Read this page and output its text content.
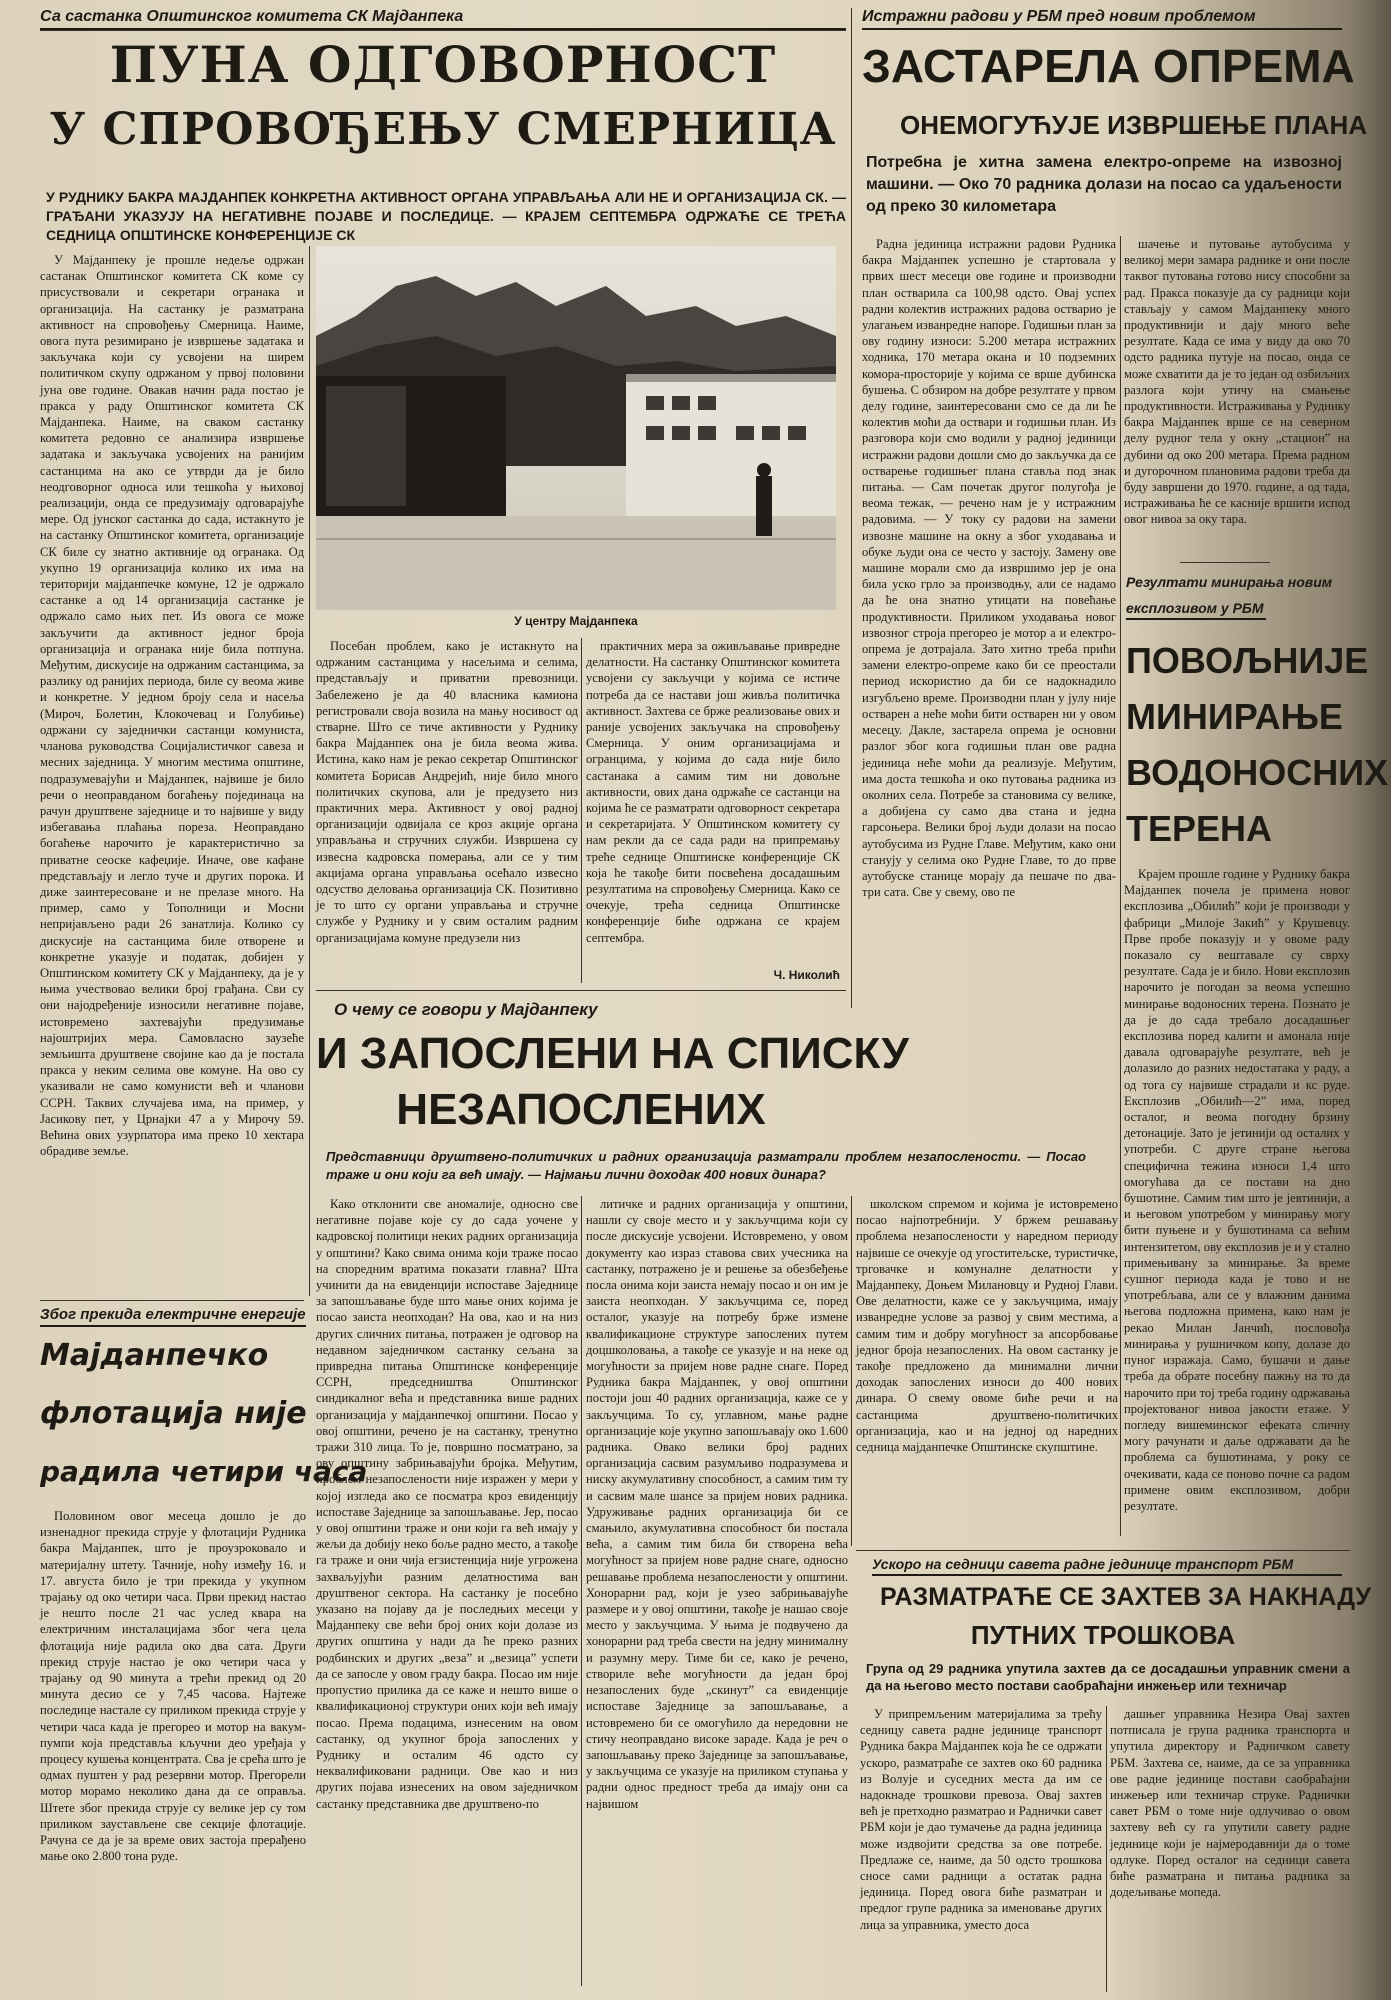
Са састанка Општинског комитета СК Мајданпека
ПУНА ОДГОВОРНОСТ
У СПРОВОЂЕЊУ СМЕРНИЦА
У РУДНИКУ БАКРА МАЈДАНПЕК КОНКРЕТНА АКТИВНОСТ ОРГАНА УПРАВЉАЊА АЛИ НЕ И ОРГАНИЗАЦИЈА СК. — ГРАЂАНИ УКАЗУЈУ НА НЕГАТИВНЕ ПОЈАВЕ И ПОСЛЕДИЦЕ. — КРАЈЕМ СЕПТЕМБРА ОДРЖАЋЕ СЕ ТРЕЋА СЕДНИЦА ОПШТИНСКЕ КОНФЕРЕНЦИЈЕ СК
У Мајданпеку је прошле недеље одржан састанак Општинског комитета СК коме су присуствовали и секретари огранака и организација. На састанку је разматрана активност на спровођењу Смерница. Наиме, овога пута резимирано је извршење задатака и закључака који су усвојени на ширем политичком скупу одржаном у првој половини јуна ове године. Овакав начин рада постао је пракса у раду Општинског комитета СК Мајданпека. Наиме, на сваком састанку комитета редовно се анализира извршење задатака и закључака усвојених на ранијим састанцима на ако се утврди да је било неодговорног односа или тешкоћа у њиховој реализацији, онда се предузимају одговарајуће мере. Од јунског састанка до сада, истакнуто је на састанку Општинског комитета, организације СК биле су знатно активније од огранака. Од укупно 19 организација колико их има на територији мајданпечке комуне, 12 је одржало састанке а од 14 организација састанке је одржало само њих пет. Из овога се може закључити да активност једног броја организација и огранака није била потпуна. Међутим, дискусије на одржаним састанцима, за разлику од ранијих периода, биле су веома живе и конкретне. У једном броју села и насеља (Мироч, Болетин, Клокочевац и Голубиње) одржани су заједнички састанци комуниста, чланова руководства Социјалистичког савеза и месних заједница. У многим местима општине, подразумевајући и Мајданпек, највише је било речи о неоправданом богаћењу појединаца на рачун друштвене заједнице и то највише у виду избегавања плаћања пореза. Неоправдано богаћење нарочито је карактеристично за приватне сеоске кафеџије. Иначе, ове кафане представљају и легло туче и других порока. И диже заинтересоване и не прелазе много. На пример, само у Тополници и Мосни непријављено ради 26 занатлија. Колико су дискусије на састанцима биле отворене и конкретне указује и податак, добијен у Општинском комитету СК у Мајданпеку, да је у њима учествовао велики број грађана. Сви су они најодређеније износили негативне појаве, истовремено захтевајући предузимање најоштријих мера. Самовласно заузеће земљишта друштвене својине као да је постала пракса у неким селима ове комуне. На ово су указивали не само комунисти већ и чланови ССРН. Таквих случајева има, на пример, у Јасикову пет, у Црнајки 47 а у Мирочу 59. Већина ових узурпатора има преко 10 хектара обрадиве земље.
У центру Мајданпека
Посебан проблем, како је истакнуто на одржаним састанцима у насељима и селима, представљају и приватни превозници. Забележено је да 40 власника камиона регистровали своја возила на мању носивост од стварне. Што се тиче активности у Руднику бакра Мајданпек она је била веома жива. Истина, како нам је рекао секретар Општинског комитета Борисав Андрејић, није било много политичких скупова, али је предузето низ практичних мера. Активност у овој радној организацији одвијала се кроз акције органа управљања и стручних служби. Извршена су извесна кадровска померања, али се у тим акцијама органа управљања осећало извесно одсуство деловања организација СК. Позитивно је то што су органи управљања и стручне службе у Руднику и у свим осталим радним организацијама комуне предузели низ
практичних мера за оживљавање привредне делатности. На састанку Општинског комитета усвојени су закључци у којима се истиче потреба да се настави још живља политичка активност. Захтева се брже реализовање ових и раније усвојених закључака на спровођењу Смерница. У оним организацијама и огранцима, у којима до сада није било састанака а самим тим ни довољне активности, ових дана одржаће се састанци на којима ће се разматрати одговорност секретара и секретаријата. У Општинском комитету су нам рекли да се сада ради на припремању треће седнице Општинске конференције СК која ће такође бити посвећена досадашњим резултатима на спровођењу Смерница. Како се очекује, трећа седница Општинске конференције биће одржана се крајем септембра.
Ч. Николић
Због прекида електричне енергије
Мајданпечко
флотација није
радила четири часа
Половином овог месеца дошло је до изненадног прекида струје у флотацији Рудника бакра Мајданпек, што је проузроковало и материјалну штету. Тачније, ноћу између 16. и 17. августа било је три прекида у укупном трајању од око четири часа. Први прекид настао је нешто после 21 час услед квара на електричним инсталацијама због чега цела флотација није радила око два сата. Други прекид струје настао је око четири часа у трајању од 90 минута а трећи прекид од 20 минута десио се у 7,45 часова. Најтеже последице настале су приликом прекида струје у четири часа када је прегорео и мотор на вакум-пумпи која представља кључни део уређаја у процесу кушења концентрата. Сва је срећа што је одмах пуштен у рад резервни мотор. Прегорели мотор морамо неколико дана да се оправља. Штете због прекида струје су велике јер су том приликом заустављене све секције флотације. Рачуна се да је за време ових застоја прерађено мање око 2.800 тона руде.
О чему се говори у Мајданпеку
И ЗАПОСЛЕНИ НА СПИСКУ
НЕЗАПОСЛЕНИХ
Представници друштвено-политичких и радних организација разматрали проблем незапослености. — Посао траже и они који га већ имају. — Најмањи лични доходак 400 нових динара?
Како отклонити све аномалије, односно све негативне појаве које су до сада уочене у кадровској политици неких радних организација у општини? Како свима онима који траже посао на споредним вратима показати главна? Шта учинити да на евиденцији испоставе Заједнице за запошљавање буде што мање оних којима је посао заиста неопходан? На ова, као и на низ других сличних питања, потражен је одговор на недавном заједничком састанку сељана за привредна питања Општинске конференције ССРН, председништва Општинског синдикалног већа и представника више радних организација у мајданпечкој општини. Посао у овој општини, речено је на састанку, тренутно тражи 310 лица. То је, површно посматрано, за ову општину забрињавајући бројка. Међутим, проблем незапослености није изражен у мери у којој изгледа ако се посматра кроз евиденцију испоставе Заједнице за запошљавање. Јер, посао у овој општини траже и они који га већ имају у жељи да добију неко боље радно место, а такође га траже и они чија егзистенција није угрожена захваљујући разним делатностима ван друштвеног сектора. На састанку је посебно указано на појаву да је последњих месеци у Мајданпеку све већи број оних који долазе из других општина у нади да ће преко разних родбинских и других „веза” и „везица” успети да се запосле у овом граду бакра. Посао им није пропустио прилика да се каже и нешто више о квалификационој структури оних који већ имају посао. Према подацима, изнесеним на овом састанку, од укупног броја запослених у Руднику и осталим 46 одсто су неквалификовани радници. Ове као и низ других појава изнесених на овом заједничком састанку представника две друштвено-по
литичке и радних организација у општини, нашли су своје место и у закључцима који су после дискусије усвојени. Истовремено, у овом документу као израз ставова свих учесника на састанку, потражено је и решење за обезбеђење посла онима који заиста немају посао и он им је заиста неопходан. У закључцима се, поред осталог, указује на потребу брже измене квалификационе структуре запослених путем доцшколовања, а такође се указује и на неке од могућности за пријем нове радне снаге. Поред Рудника бакра Мајданпек, у овој општини постоји још 40 радних организација, каже се у закључцима. То су, углавном, мање радне организације које укупно запошљавају око 1.600 радника. Овако велики број радних организација сасвим разумљиво подразумева и ниску акумулативну способност, а самим тим ту и сасвим мале шансе за пријем нових радника. Удруживање радних организација би се смањило, акумулативна способност би постала већа, а самим тим била би створена већа могућност за пријем нове радне снаге, односно решавање проблема незапослености у општини. Хонорарни рад, који је узео забрињавајуће размере и у овој општини, такође је нашао своје место у закључцима. У њима је подвучено да хонорарни рад треба свести на једну минималну и разумну меру. Тиме би се, како је речено, створиле веће могућности да један број незапослених буде „скинут” са евиденције испоставе Заједнице за запошљавање, а истовремено би се омогућило да нередовни не стичу неоправдано високе зараде. Када је реч о запошљавању преко Заједнице за запошљавање, у закључцима се указује на приликом ступања у радни однос предност треба да имају они са највишом
школском спремом и којима је истовремено посао најпотребнији. У бржем решавању проблема незапослености у наредном периоду највише се очекује од угоститељске, туристичке, трговачке и комуналне делатности у Мајданпеку, Доњем Милановцу и Рудној Глави. Ове делатности, каже се у закључцима, имају изванредне услове за развој у свим местима, а самим тим и добру могућност за апсорбовање једног броја незапослених. На овом састанку је такође предложено да минимални лични доходак запослених износи до 400 нових динара. О свему овоме биће речи и на састанцима друштвено-политичких организација, као и на једној од наредних седница мајданпечке Општинске скупштине.
Истражни радови у РБМ пред новим проблемом
ЗАСТАРЕЛА ОПРЕМА
ОНЕМОГУЋУЈЕ ИЗВРШЕЊЕ ПЛАНА
Потребна је хитна замена електро-опреме на извозној машини. — Око 70 радника долази на посао са удаљености од преко 30 километара
Радна јединица истражни радови Рудника бакра Мајданпек успешно је стартовала у првих шест месеци ове године и производни план остварила са 100,98 одсто. Овај успех радни колектив истражних радова остварио је улагањем изванредне напоре. Годишњи план за ову годину износи: 5.200 метара истражних ходника, 170 метара окана и 10 подземних комора-просторије у којима се врше дубинска бушења. С обзиром на добре резултате у првом делу године, заинтересовани смо се да ли ће колектив моћи да оствари и годишњи план. Из разговора који смо водили у радној јединици истражни радови дошли смо до закључка да се остварење годишњег плана ставља под знак питања. — Сам почетак другог полугођа је веома тежак, — речено нам је у истражним радовима. — У току су радови на замени извозне машине на окну а због уходавања и обуке људи она се често у застоју. Замену ове машине морали смо да извршимо јер је она била уско грло за производњу, али се надамо да ће она знатно утицати на повећање продуктивности. Приликом уходавања новог извозног строја прегорео је мотор а и електро-опрема је дотрајала. Зато хитно треба прићи замени електро-опреме како би се преостали период искористио да би се надокнадило изгубљено време. Производни план у јулу није остварен а неће моћи бити остварен ни у овом месецу. Дакле, застарела опрема је основни разлог због кога годишњи план ове радна јединица неће моћи да реализује. Међутим, има доста тешкоћа и око путовања радника из околних села. Потребе за становима су велике, а добијена су само два стана и једна гарсоњера. Велики број људи долази на посао аутобусима из Рудне Главе. Међутим, како они станују у селима око Рудне Главе, то до прве аутобуске станице морају да пешаче по два-три сата. Све у свему, ово пе
шачење и путовање аутобусима у великој мери замара раднике и они после таквог путовања готово нису способни за рад. Пракса показује да су радници који стављају у самом Мајданпеку много продуктивнији и дају много веће резултате. Када се има у виду да око 70 одсто радника путује на посао, онда се може схватити да је то један од озбиљних разлога који утичу на смањење продуктивности. Истраживања у Руднику бакра Мајданпек врше се на северном делу рудног тела у окну „стацион” на дубини од око 200 метара. Према радном и дугорочном плановима радови треба да буду завршени до 1970. године, а од тада, истраживања ће се касније вршити испод овог нивоа за оку тара.
Резултати минирања новим
експлозивом у РБМ
ПОВОЉНИЈЕ
МИНИРАЊЕ
ВОДОНОСНИХ
ТЕРЕНА
Крајем прошле године у Руднику бакра Мајданпек почела је примена новог експлозива „Обилић” који је производи у фабрици „Милоје Закић” у Крушевцу. Прве пробе показују и у овоме раду показало су вештавале су сврху резултате. Сада је и било. Нови експлозив нарочито је погодан за веома успешно минирање водоносних терена. Познато је да је до сада требало досадашњег експлозива поред калити и амонала није давала одговарајуће резултате, већ је долазило до разних недостатака у раду, а од тога су највише страдали и кс руде. Експлозив „Обилић—2” има, поред осталог, и веома погодну брзину детонације. Зато је јетинији од осталих у употреби. С друге стране његова специфична тежина износи 1,4 што омогућава да се постави на дно бушотине. Самим тим што је јевтинији, а и његовом употребом у минирању могу бити пуњене и у бушотинама са већим интензитетом, ову експлозив је и у стално примењивану за минирање. За време сушног периода када је тово и не употребљава, али се у влажним данима његова подложна примена, како нам је рекао Милан Јанчић, пословођа минирања у рушничком копу, долазе до пуног изражаја. Само, бушачи и дање треба да обрате посебну пажњу на то да нарочито при тој треба годину одржавања пројектованог нивоа јакости етаже. У погледу вишеминског ефеката сличну могу рачунати и даље одржавати да ће проблема са бушотинама, у року се очекивати, када се поново почне са радом примене овим експлозивом, добри резултате.
Ускоро на седници савета радне јединице транспорт РБМ
РАЗМАТРАЋЕ СЕ ЗАХТЕВ ЗА НАКНАДУ
ПУТНИХ ТРОШКОВА
Група од 29 радника упутила захтев да се досадашњи управник смени а да на његово место постави саобраћајни инжењер или техничар
У припремљеним материјалима за трећу седницу савета радне јединице транспорт Рудника бакра Мајданпек која ће се одржати ускоро, разматраће се захтев око 60 радника из Волује и суседних места да им се надокнаде трошкови превоза. Овај захтев већ је претходно разматрао и Раднички савет РБМ који је дао тумачење да радна јединица може издвојити средства за ове потребе. Предлаже се, наиме, да 50 одсто трошкова сносе сами радници а остатак радна јединица. Поред овога биће разматран и предлог групе радника за именовање других лица за управника, уместо доса
дашњег управника Незира Овај захтев потписала је група радника транспорта и упутила директору и Радничком савету РБМ. Захтева се, наиме, да се за управника ове радне јединице постави саобраћајни инжењер или техничар струке. Раднички савет РБМ о томе није одлучивао о овом захтеву већ су га упутили савету радне јединице који је најмеродавнији да о томе одлуке. Поред осталог на седници савета биће разматрана и питања радника за додељивање мопеда.
